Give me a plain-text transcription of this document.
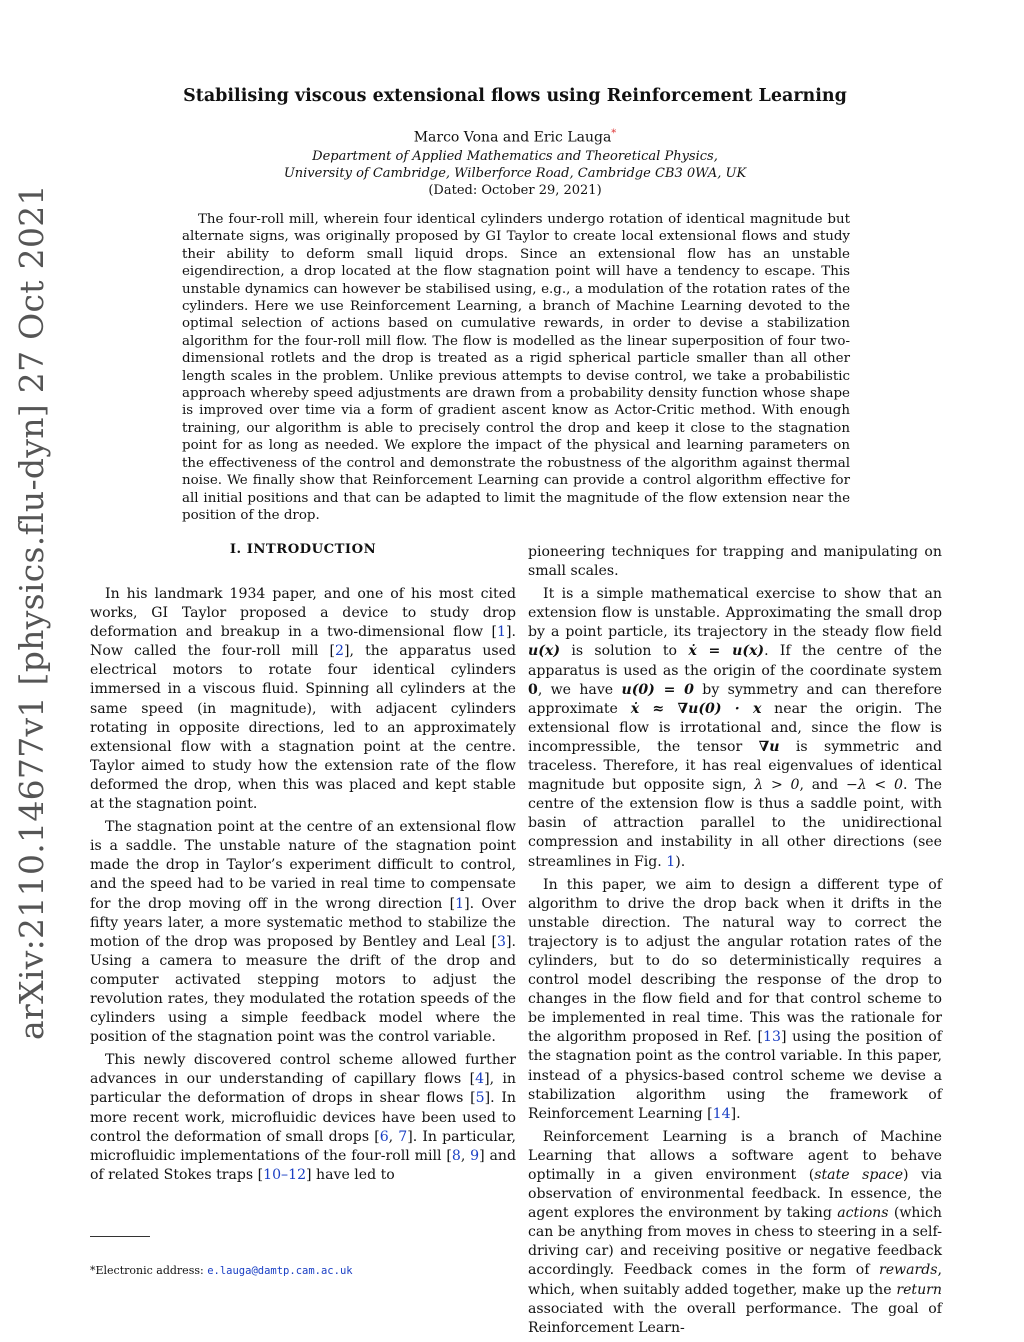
arXiv:2110.14677v1 [physics.flu-dyn] 27 Oct 2021
Stabilising viscous extensional flows using Reinforcement Learning
Marco Vona and Eric Lauga*
Department of Applied Mathematics and Theoretical Physics,
University of Cambridge, Wilberforce Road, Cambridge CB3 0WA, UK
(Dated: October 29, 2021)

The four-roll mill, wherein four identical cylinders undergo rotation of identical magnitude but alternate signs, was originally proposed by GI Taylor to create local extensional flows and study their ability to deform small liquid drops. Since an extensional flow has an unstable eigendirection, a drop located at the flow stagnation point will have a tendency to escape. This unstable dynamics can however be stabilised using, e.g., a modulation of the rotation rates of the cylinders. Here we use Reinforcement Learning, a branch of Machine Learning devoted to the optimal selection of actions based on cumulative rewards, in order to devise a stabilization algorithm for the four-roll mill flow. The flow is modelled as the linear superposition of four two-dimensional rotlets and the drop is treated as a rigid spherical particle smaller than all other length scales in the problem. Unlike previous attempts to devise control, we take a probabilistic approach whereby speed adjustments are drawn from a probability density function whose shape is improved over time via a form of gradient ascent know as Actor-Critic method. With enough training, our algorithm is able to precisely control the drop and keep it close to the stagnation point for as long as needed. We explore the impact of the physical and learning parameters on the effectiveness of the control and demonstrate the robustness of the algorithm against thermal noise. We finally show that Reinforcement Learning can provide a control algorithm effective for all initial positions and that can be adapted to limit the magnitude of the flow extension near the position of the drop.

I. INTRODUCTION

In his landmark 1934 paper, and one of his most cited works, GI Taylor proposed a device to study drop deformation and breakup in a two-dimensional flow [1]. Now called the four-roll mill [2], the apparatus used electrical motors to rotate four identical cylinders immersed in a viscous fluid. Spinning all cylinders at the same speed (in magnitude), with adjacent cylinders rotating in opposite directions, led to an approximately extensional flow with a stagnation point at the centre. Taylor aimed to study how the extension rate of the flow deformed the drop, when this was placed and kept stable at the stagnation point.

The stagnation point at the centre of an extensional flow is a saddle. The unstable nature of the stagnation point made the drop in Taylor’s experiment difficult to control, and the speed had to be varied in real time to compensate for the drop moving off in the wrong direction [1]. Over fifty years later, a more systematic method to stabilize the motion of the drop was proposed by Bentley and Leal [3]. Using a camera to measure the drift of the drop and computer activated stepping motors to adjust the revolution rates, they modulated the rotation speeds of the cylinders using a simple feedback model where the position of the stagnation point was the control variable.

This newly discovered control scheme allowed further advances in our understanding of capillary flows [4], in particular the deformation of drops in shear flows [5]. In more recent work, microfluidic devices have been used to control the deformation of small drops [6, 7]. In particular, microfluidic implementations of the four-roll mill [8, 9] and of related Stokes traps [10–12] have led to

*Electronic address: e.lauga@damtp.cam.ac.uk

pioneering techniques for trapping and manipulating on small scales.

It is a simple mathematical exercise to show that an extension flow is unstable. Approximating the small drop by a point particle, its trajectory in the steady flow field u(x) is solution to ẋ = u(x). If the centre of the apparatus is used as the origin of the coordinate system 0, we have u(0) = 0 by symmetry and can therefore approximate ẋ ≈ ∇u(0) · x near the origin. The extensional flow is irrotational and, since the flow is incompressible, the tensor ∇u is symmetric and traceless. Therefore, it has real eigenvalues of identical magnitude but opposite sign, λ > 0, and −λ < 0. The centre of the extension flow is thus a saddle point, with basin of attraction parallel to the unidirectional compression and instability in all other directions (see streamlines in Fig. 1).

In this paper, we aim to design a different type of algorithm to drive the drop back when it drifts in the unstable direction. The natural way to correct the trajectory is to adjust the angular rotation rates of the cylinders, but to do so deterministically requires a control model describing the response of the drop to changes in the flow field and for that control scheme to be implemented in real time. This was the rationale for the algorithm proposed in Ref. [13] using the position of the stagnation point as the control variable. In this paper, instead of a physics-based control scheme we devise a stabilization algorithm using the framework of Reinforcement Learning [14].

Reinforcement Learning is a branch of Machine Learning that allows a software agent to behave optimally in a given environment (state space) via observation of environmental feedback. In essence, the agent explores the environment by taking actions (which can be anything from moves in chess to steering in a self-driving car) and receiving positive or negative feedback accordingly. Feedback comes in the form of rewards, which, when suitably added together, make up the return associated with the overall performance. The goal of Reinforcement Learn-
